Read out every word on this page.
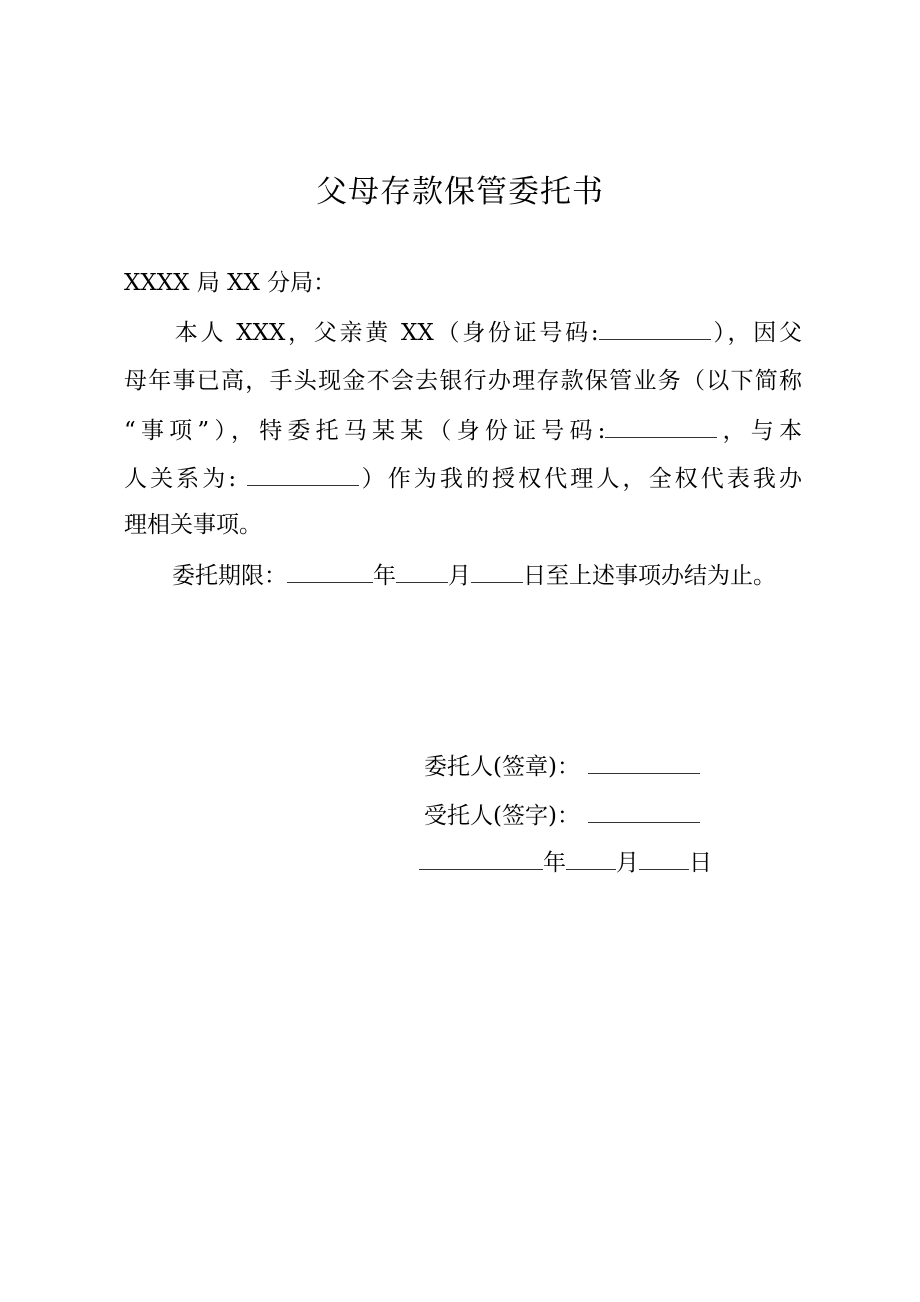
父母存款保管委托书
XXXX 局 XX 分局：
本人 XXX，父亲黄 XX（身份证号码:	），因父
母年事已高，手头现金不会去银行办理存款保管业务（以下简称
“事项”），特委托马某某（身份证号码:	，与本
人关系为:	）作为我的授权代理人，全权代表我办
理相关事项。
委托期限：	年 月 日至上述事项办结为止。
委托人(签章)：
受托人(签字)：
年 月 日
